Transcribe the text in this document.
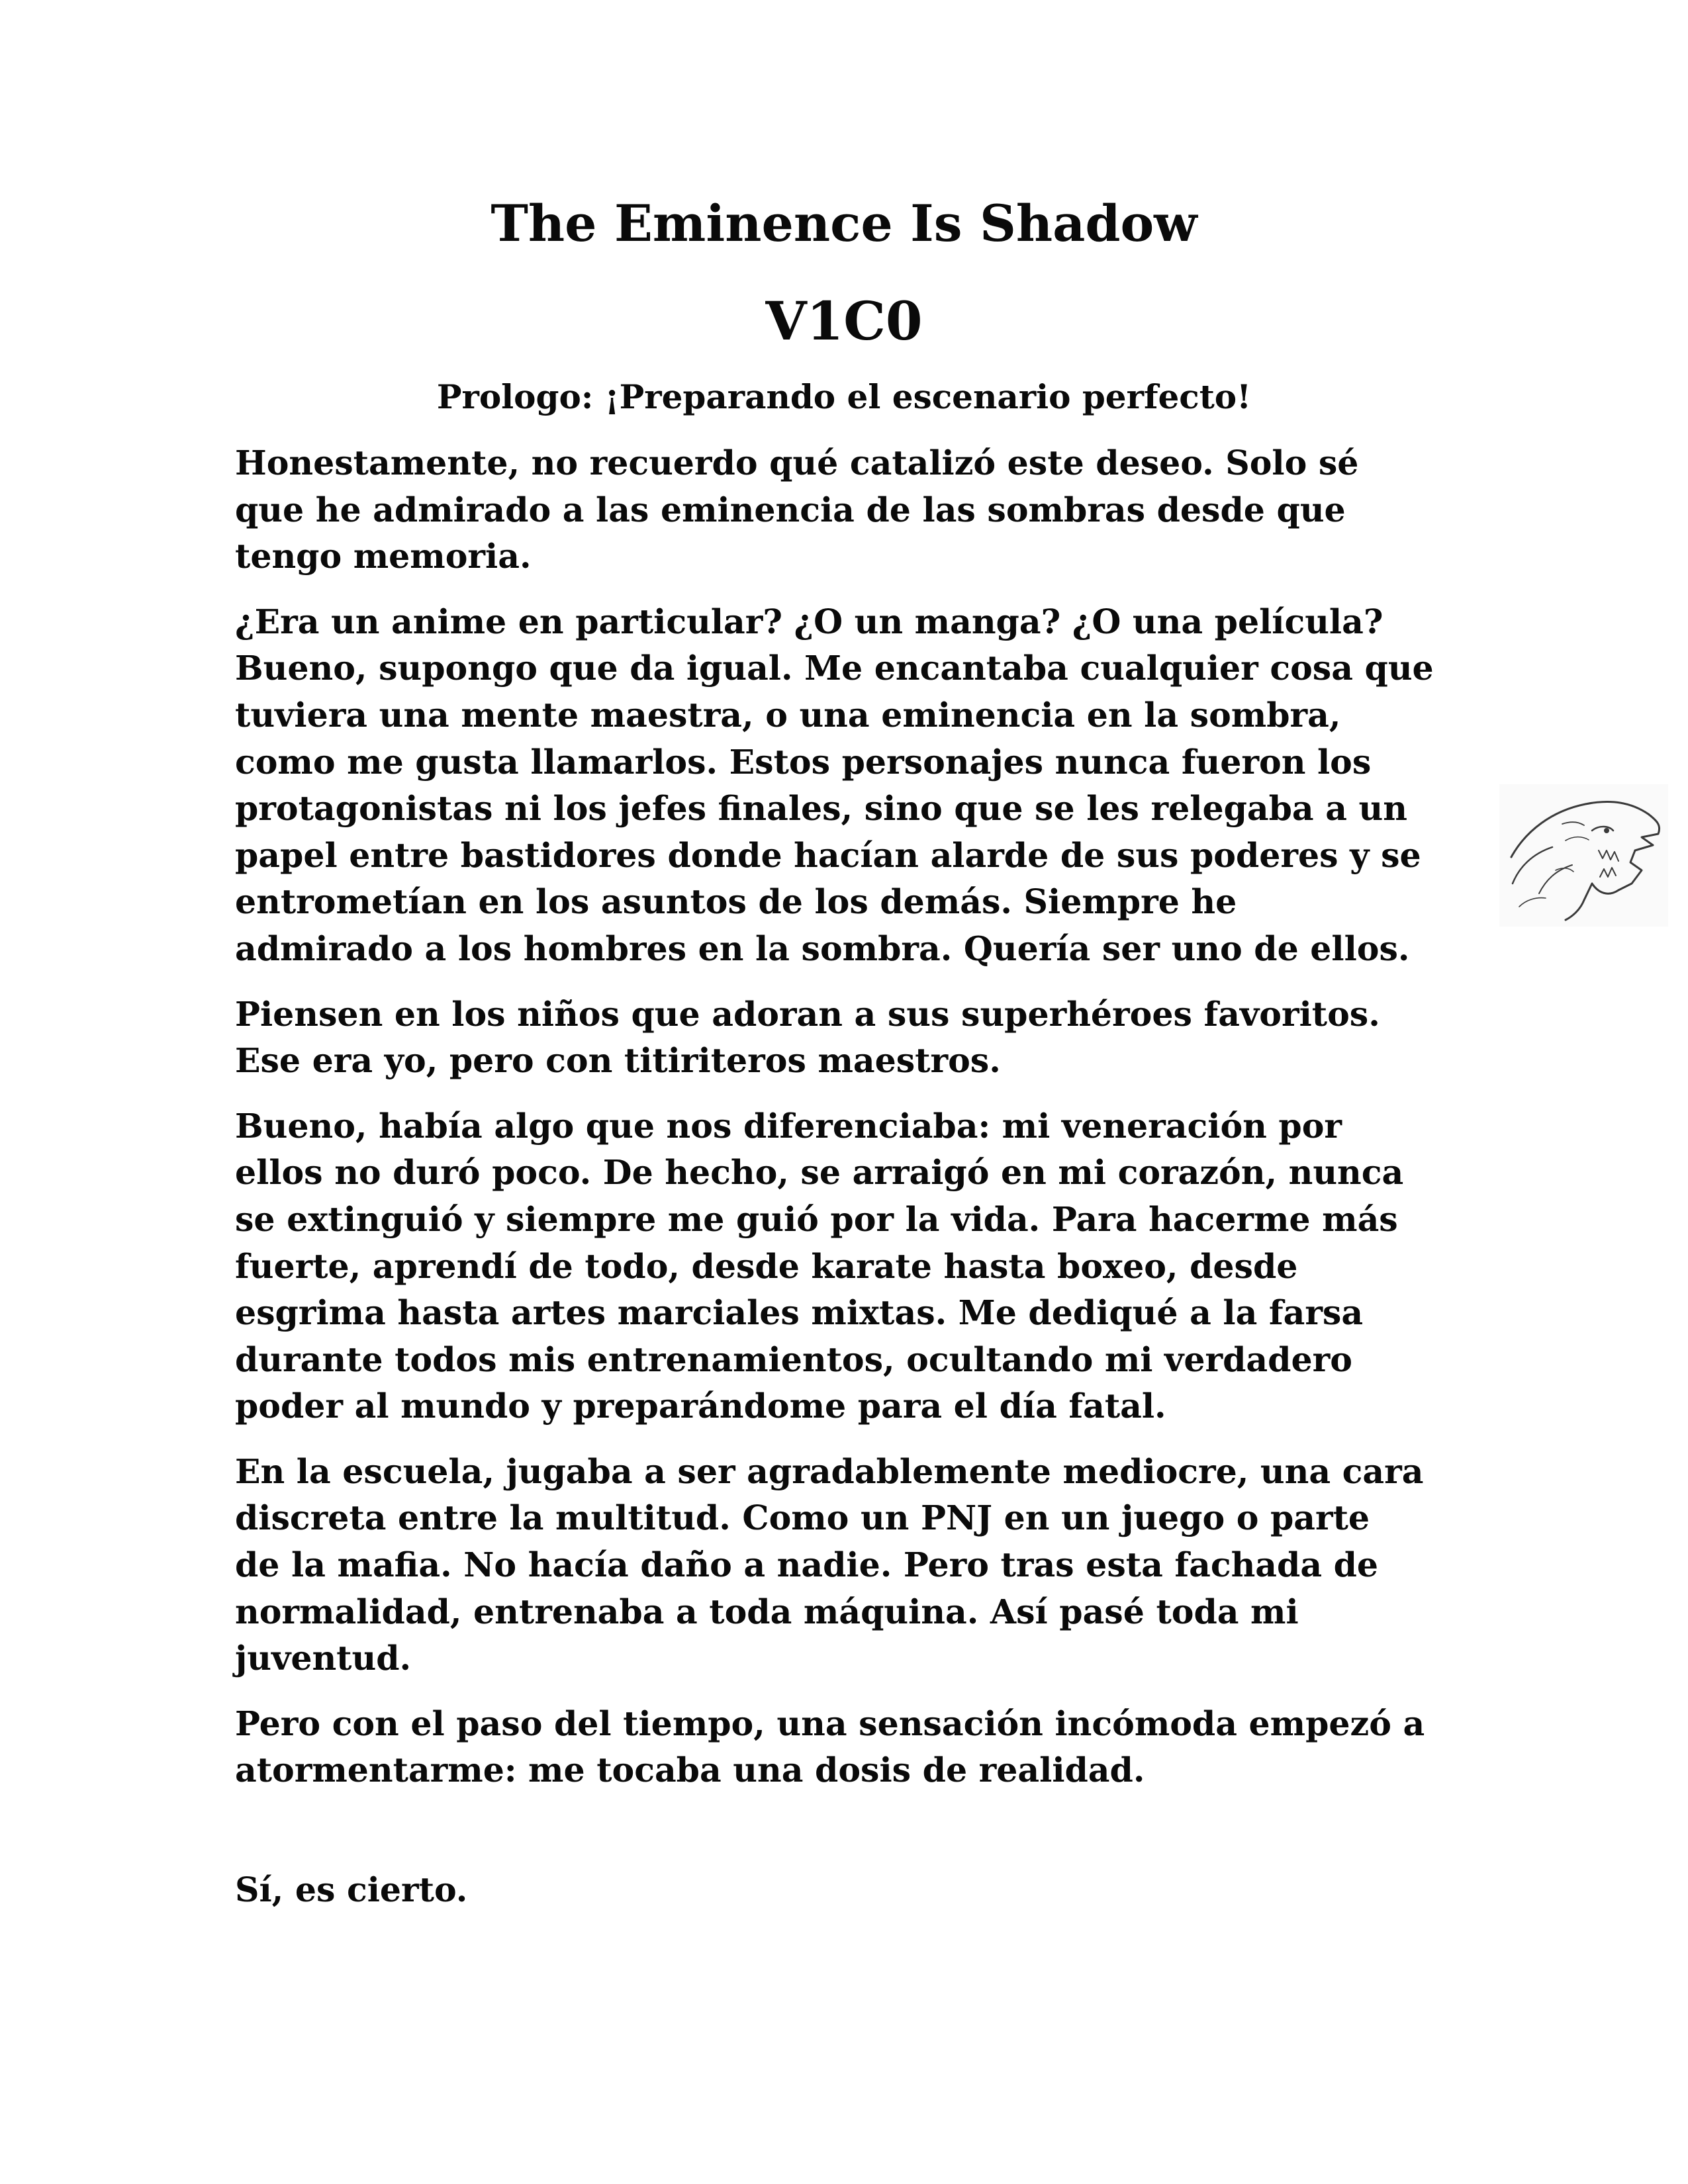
The Eminence Is Shadow
V1C0
Prologo: ¡Preparando el escenario perfecto!

Honestamente, no recuerdo qué catalizó este deseo. Solo sé
que he admirado a las eminencia de las sombras desde que
tengo memoria.

¿Era un anime en particular? ¿O un manga? ¿O una película?
Bueno, supongo que da igual. Me encantaba cualquier cosa que
tuviera una mente maestra, o una eminencia en la sombra,
como me gusta llamarlos. Estos personajes nunca fueron los
protagonistas ni los jefes finales, sino que se les relegaba a un
papel entre bastidores donde hacían alarde de sus poderes y se
entrometían en los asuntos de los demás. Siempre he
admirado a los hombres en la sombra. Quería ser uno de ellos.

Piensen en los niños que adoran a sus superhéroes favoritos.
Ese era yo, pero con titiriteros maestros.

Bueno, había algo que nos diferenciaba: mi veneración por
ellos no duró poco. De hecho, se arraigó en mi corazón, nunca
se extinguió y siempre me guió por la vida. Para hacerme más
fuerte, aprendí de todo, desde karate hasta boxeo, desde
esgrima hasta artes marciales mixtas. Me dediqué a la farsa
durante todos mis entrenamientos, ocultando mi verdadero
poder al mundo y preparándome para el día fatal.

En la escuela, jugaba a ser agradablemente mediocre, una cara
discreta entre la multitud. Como un PNJ en un juego o parte
de la mafia. No hacía daño a nadie. Pero tras esta fachada de
normalidad, entrenaba a toda máquina. Así pasé toda mi
juventud.

Pero con el paso del tiempo, una sensación incómoda empezó a
atormentarme: me tocaba una dosis de realidad.

Sí, es cierto.
